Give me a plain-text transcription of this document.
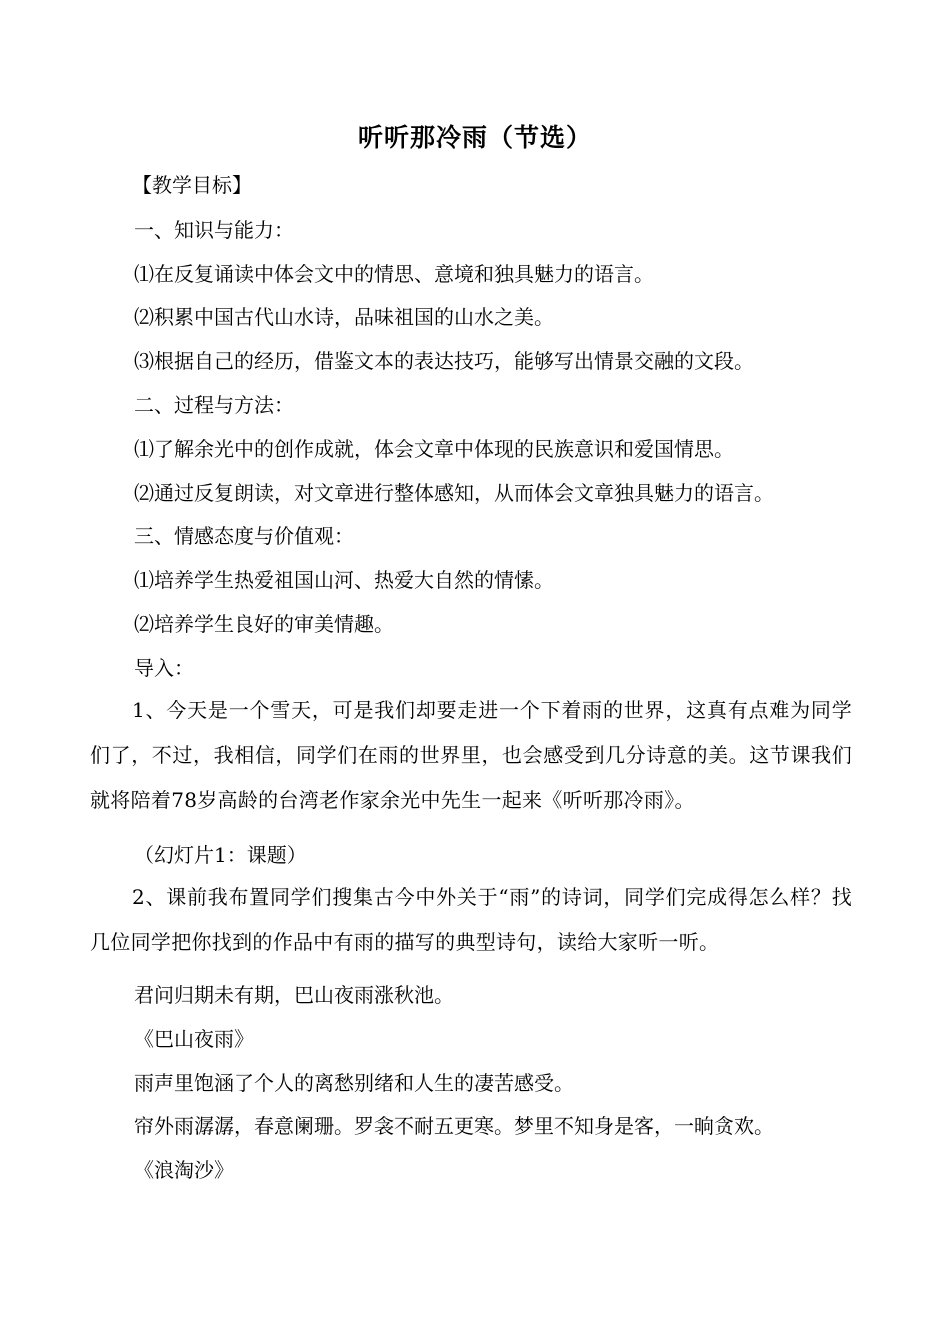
听听那冷雨（节选）
【教学目标】
一、知识与能力：
⑴在反复诵读中体会文中的情思、意境和独具魅力的语言。
⑵积累中国古代山水诗，品味祖国的山水之美。
⑶根据自己的经历，借鉴文本的表达技巧，能够写出情景交融的文段。
二、过程与方法：
⑴了解余光中的创作成就，体会文章中体现的民族意识和爱国情思。
⑵通过反复朗读，对文章进行整体感知，从而体会文章独具魅力的语言。
三、情感态度与价值观：
⑴培养学生热爱祖国山河、热爱大自然的情愫。
⑵培养学生良好的审美情趣。
导入：
1、今天是一个雪天，可是我们却要走进一个下着雨的世界，这真有点难为同学们了，不过，我相信，同学们在雨的世界里，也会感受到几分诗意的美。这节课我们就将陪着78岁高龄的台湾老作家余光中先生一起来《听听那冷雨》。
（幻灯片1：课题）
2、课前我布置同学们搜集古今中外关于“雨”的诗词，同学们完成得怎么样？找几位同学把你找到的作品中有雨的描写的典型诗句，读给大家听一听。
君问归期未有期，巴山夜雨涨秋池。
《巴山夜雨》
雨声里饱涵了个人的离愁别绪和人生的凄苦感受。
帘外雨潺潺，春意阑珊。罗衾不耐五更寒。梦里不知身是客，一晌贪欢。
《浪淘沙》
